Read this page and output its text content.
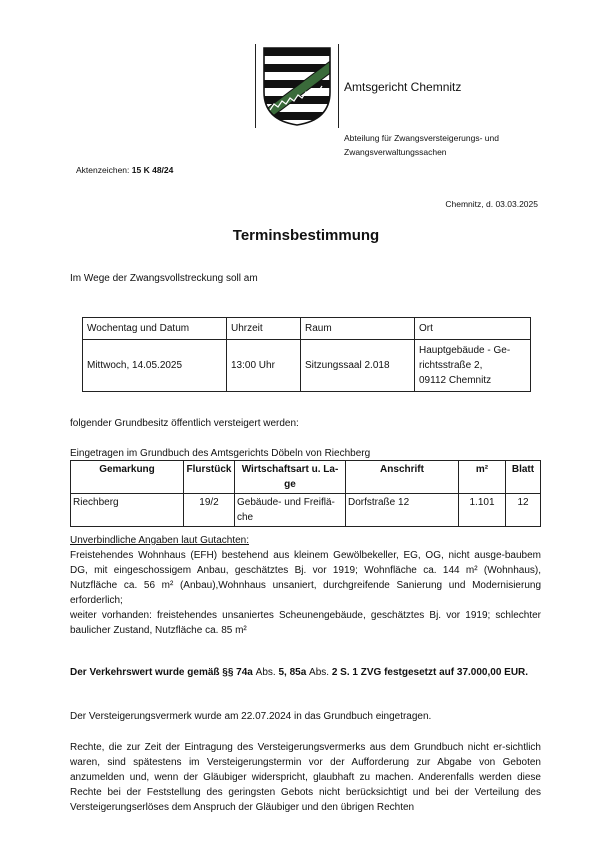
Amtsgericht Chemnitz
Abteilung für Zwangsversteigerungs- und
Zwangsverwaltungssachen
Aktenzeichen: 15 K 48/24
Chemnitz, d. 03.03.2025
Terminsbestimmung
Im Wege der Zwangsvollstreckung soll am
Wochentag und Datum	Uhrzeit	Raum	Ort
Mittwoch, 14.05.2025	13:00 Uhr	Sitzungssaal 2.018	Hauptgebäude - Ge-
richtsstraße 2,
09112 Chemnitz
folgender Grundbesitz öffentlich versteigert werden:
Eingetragen im Grundbuch des Amtsgerichts Döbeln von Riechberg
Gemarkung	Flurstück	Wirtschaftsart u. La-
ge	Anschrift	m²	Blatt
Riechberg	19/2	Gebäude- und Freiflä-
che	Dorfstraße 12	1.101	12
Unverbindliche Angaben laut Gutachten:
Freistehendes Wohnhaus (EFH) bestehend aus kleinem Gewölbekeller, EG, OG, nicht ausge-baubem DG, mit eingeschossigem Anbau, geschätztes Bj. vor 1919; Wohnfläche ca. 144 m² (Wohnhaus), Nutzfläche ca. 56 m² (Anbau),Wohnhaus unsaniert, durchgreifende Sanierung und Modernisierung erforderlich;
weiter vorhanden: freistehendes unsaniertes Scheunengebäude, geschätztes Bj. vor 1919; schlechter baulicher Zustand, Nutzfläche ca. 85 m²
Der Verkehrswert wurde gemäß §§ 74a Abs. 5, 85a Abs. 2 S. 1 ZVG festgesetzt auf 37.000,00 EUR.
Der Versteigerungsvermerk wurde am 22.07.2024 in das Grundbuch eingetragen.
Rechte, die zur Zeit der Eintragung des Versteigerungsvermerks aus dem Grundbuch nicht er-sichtlich waren, sind spätestens im Versteigerungstermin vor der Aufforderung zur Abgabe von Geboten anzumelden und, wenn der Gläubiger widerspricht, glaubhaft zu machen. Anderenfalls werden diese Rechte bei der Feststellung des geringsten Gebots nicht berücksichtigt und bei der Verteilung des Versteigerungserlöses dem Anspruch der Gläubiger und den übrigen Rechten
